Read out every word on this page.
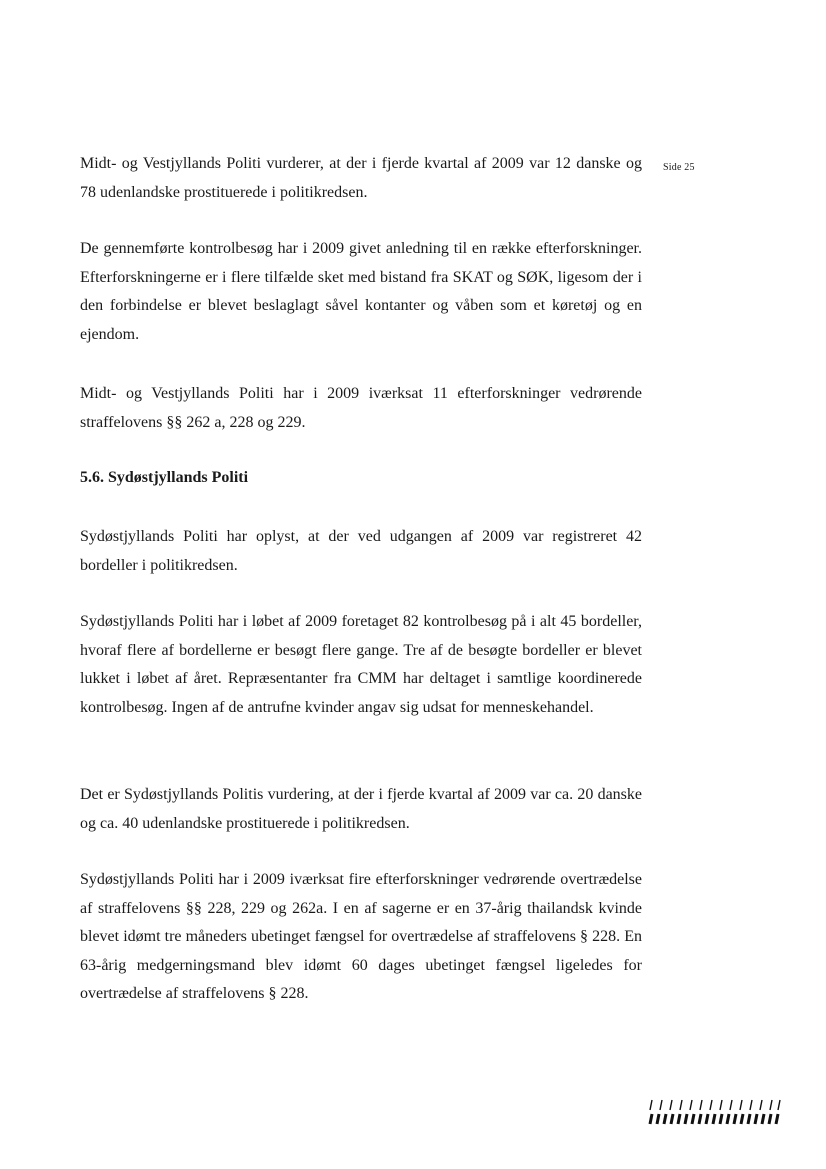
Side 25

Midt- og Vestjyllands Politi vurderer, at der i fjerde kvartal af 2009 var 12 danske og 78 udenlandske prostituerede i politikredsen.

De gennemførte kontrolbesøg har i 2009 givet anledning til en række efterforskninger. Efterforskningerne er i flere tilfælde sket med bistand fra SKAT og SØK, ligesom der i den forbindelse er blevet beslaglagt såvel kontanter og våben som et køretøj og en ejendom.

Midt- og Vestjyllands Politi har i 2009 iværksat 11 efterforskninger vedrørende straffelovens §§ 262 a, 228 og 229.

5.6. Sydøstjyllands Politi

Sydøstjyllands Politi har oplyst, at der ved udgangen af 2009 var registreret 42 bordeller i politikredsen.

Sydøstjyllands Politi har i løbet af 2009 foretaget 82 kontrolbesøg på i alt 45 bordeller, hvoraf flere af bordellerne er besøgt flere gange. Tre af de besøgte bordeller er blevet lukket i løbet af året. Repræsentanter fra CMM har deltaget i samtlige koordinerede kontrolbesøg. Ingen af de antrufne kvinder angav sig udsat for menneskehandel.

Det er Sydøstjyllands Politis vurdering, at der i fjerde kvartal af 2009 var ca. 20 danske og ca. 40 udenlandske prostituerede i politikredsen.

Sydøstjyllands Politi har i 2009 iværksat fire efterforskninger vedrørende overtrædelse af straffelovens §§ 228, 229 og 262a. I en af sagerne er en 37-årig thailandsk kvinde blevet idømt tre måneders ubetinget fængsel for overtrædelse af straffelovens § 228. En 63-årig medgerningsmand blev idømt 60 dages ubetinget fængsel ligeledes for overtrædelse af straffelovens § 228.
